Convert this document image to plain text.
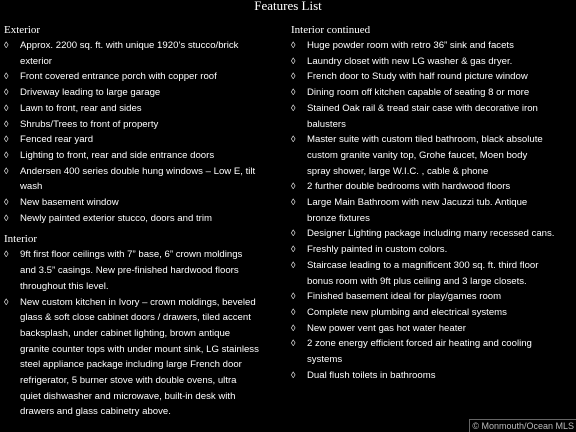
Features List
Exterior
◊ Approx. 2200 sq. ft. with unique 1920’s stucco/brick
exterior
◊ Front covered entrance porch with copper roof
◊ Driveway leading to large garage
◊ Lawn to front, rear and sides
◊ Shrubs/Trees to front of property
◊ Fenced rear yard
◊ Lighting to front, rear and side entrance doors
◊ Andersen 400 series double hung windows – Low E, tilt
wash
◊ New basement window
◊ Newly painted exterior stucco, doors and trim
Interior
◊ 9ft first floor ceilings with 7” base, 6” crown moldings
and 3.5” casings. New pre-finished hardwood floors
throughout this level.
◊ New custom kitchen in Ivory – crown moldings, beveled
glass & soft close cabinet doors / drawers, tiled accent
backsplash, under cabinet lighting, brown antique
granite counter tops with under mount sink, LG stainless
steel appliance package including large French door
refrigerator, 5 burner stove with double ovens, ultra
quiet dishwasher and microwave, built-in desk with
drawers and glass cabinetry above.
Interior continued
◊ Huge powder room with retro 36” sink and facets
◊ Laundry closet with new LG washer & gas dryer.
◊ French door to Study with half round picture window
◊ Dining room off kitchen capable of seating 8 or more
◊ Stained Oak rail & tread stair case with decorative iron
balusters
◊ Master suite with custom tiled bathroom, black absolute
custom granite vanity top, Grohe faucet, Moen body
spray shower, large W.I.C. , cable & phone
◊ 2 further double bedrooms with hardwood floors
◊ Large Main Bathroom with new Jacuzzi tub. Antique
bronze fixtures
◊ Designer Lighting package including many recessed cans.
◊ Freshly painted in custom colors.
◊ Staircase leading to a magnificent 300 sq. ft. third floor
bonus room with 9ft plus ceiling and 3 large closets.
◊ Finished basement ideal for play/games room
◊ Complete new plumbing and electrical systems
◊ New power vent gas hot water heater
◊ 2 zone energy efficient forced air heating and cooling
systems
◊ Dual flush toilets in bathrooms
© Monmouth/Ocean MLS
